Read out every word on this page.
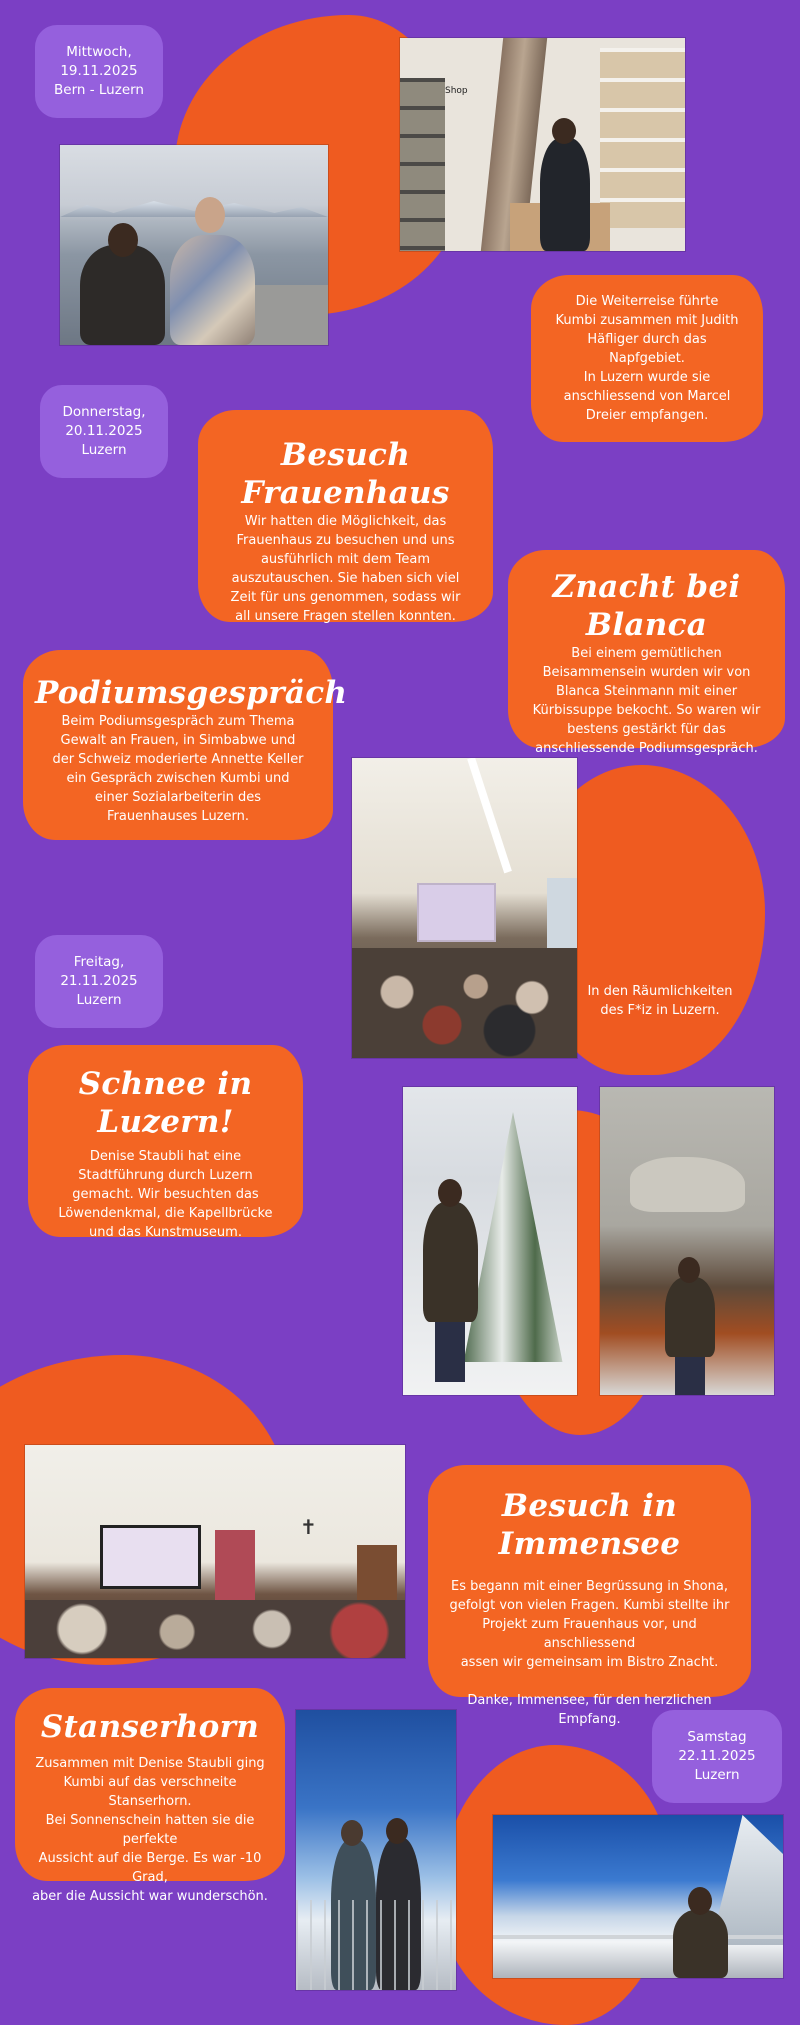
Mittwoch, 19.11.2025
Bern - Luzern
Donnerstag,
20.11.2025
Luzern
Freitag, 21.11.2025
Luzern
Samstag
22.11.2025
Luzern
Shop

Die Weiterreise führte
Kumbi zusammen mit Judith
Häfliger durch das
Napfgebiet.
In Luzern wurde sie
anschliessend von Marcel
Dreier empfangen.

Besuch Frauenhaus

Wir hatten die Möglichkeit, das
Frauenhaus zu besuchen und uns
ausführlich mit dem Team
auszutauschen. Sie haben sich viel
Zeit für uns genommen, sodass wir
all unsere Fragen stellen konnten.

Znacht bei Blanca

Bei einem gemütlichen
Beisammensein wurden wir von
Blanca Steinmann mit einer
Kürbissuppe bekocht. So waren wir
bestens gestärkt für das
anschliessende Podiumsgespräch.

Podiumsgespräch

Beim Podiumsgespräch zum Thema
Gewalt an Frauen, in Simbabwe und
der Schweiz moderierte Annette Keller
ein Gespräch zwischen Kumbi und
einer Sozialarbeiterin des
Frauenhauses Luzern.

In den Räumlichkeiten
des F*iz in Luzern.
Schnee in Luzern!

Denise Staubli hat eine
Stadtführung durch Luzern
gemacht. Wir besuchten das
Löwendenkmal, die Kapellbrücke
und das Kunstmuseum.

✝
Besuch in Immensee

Es begann mit einer Begrüssung in Shona,
gefolgt von vielen Fragen. Kumbi stellte ihr
Projekt zum Frauenhaus vor, und anschliessend
assen wir gemeinsam im Bistro Znacht.

Danke, Immensee, für den herzlichen Empfang.

Stanserhorn

Zusammen mit Denise Staubli ging
Kumbi auf das verschneite Stanserhorn.
Bei Sonnenschein hatten sie die perfekte
Aussicht auf die Berge. Es war -10 Grad,
aber die Aussicht war wunderschön.
